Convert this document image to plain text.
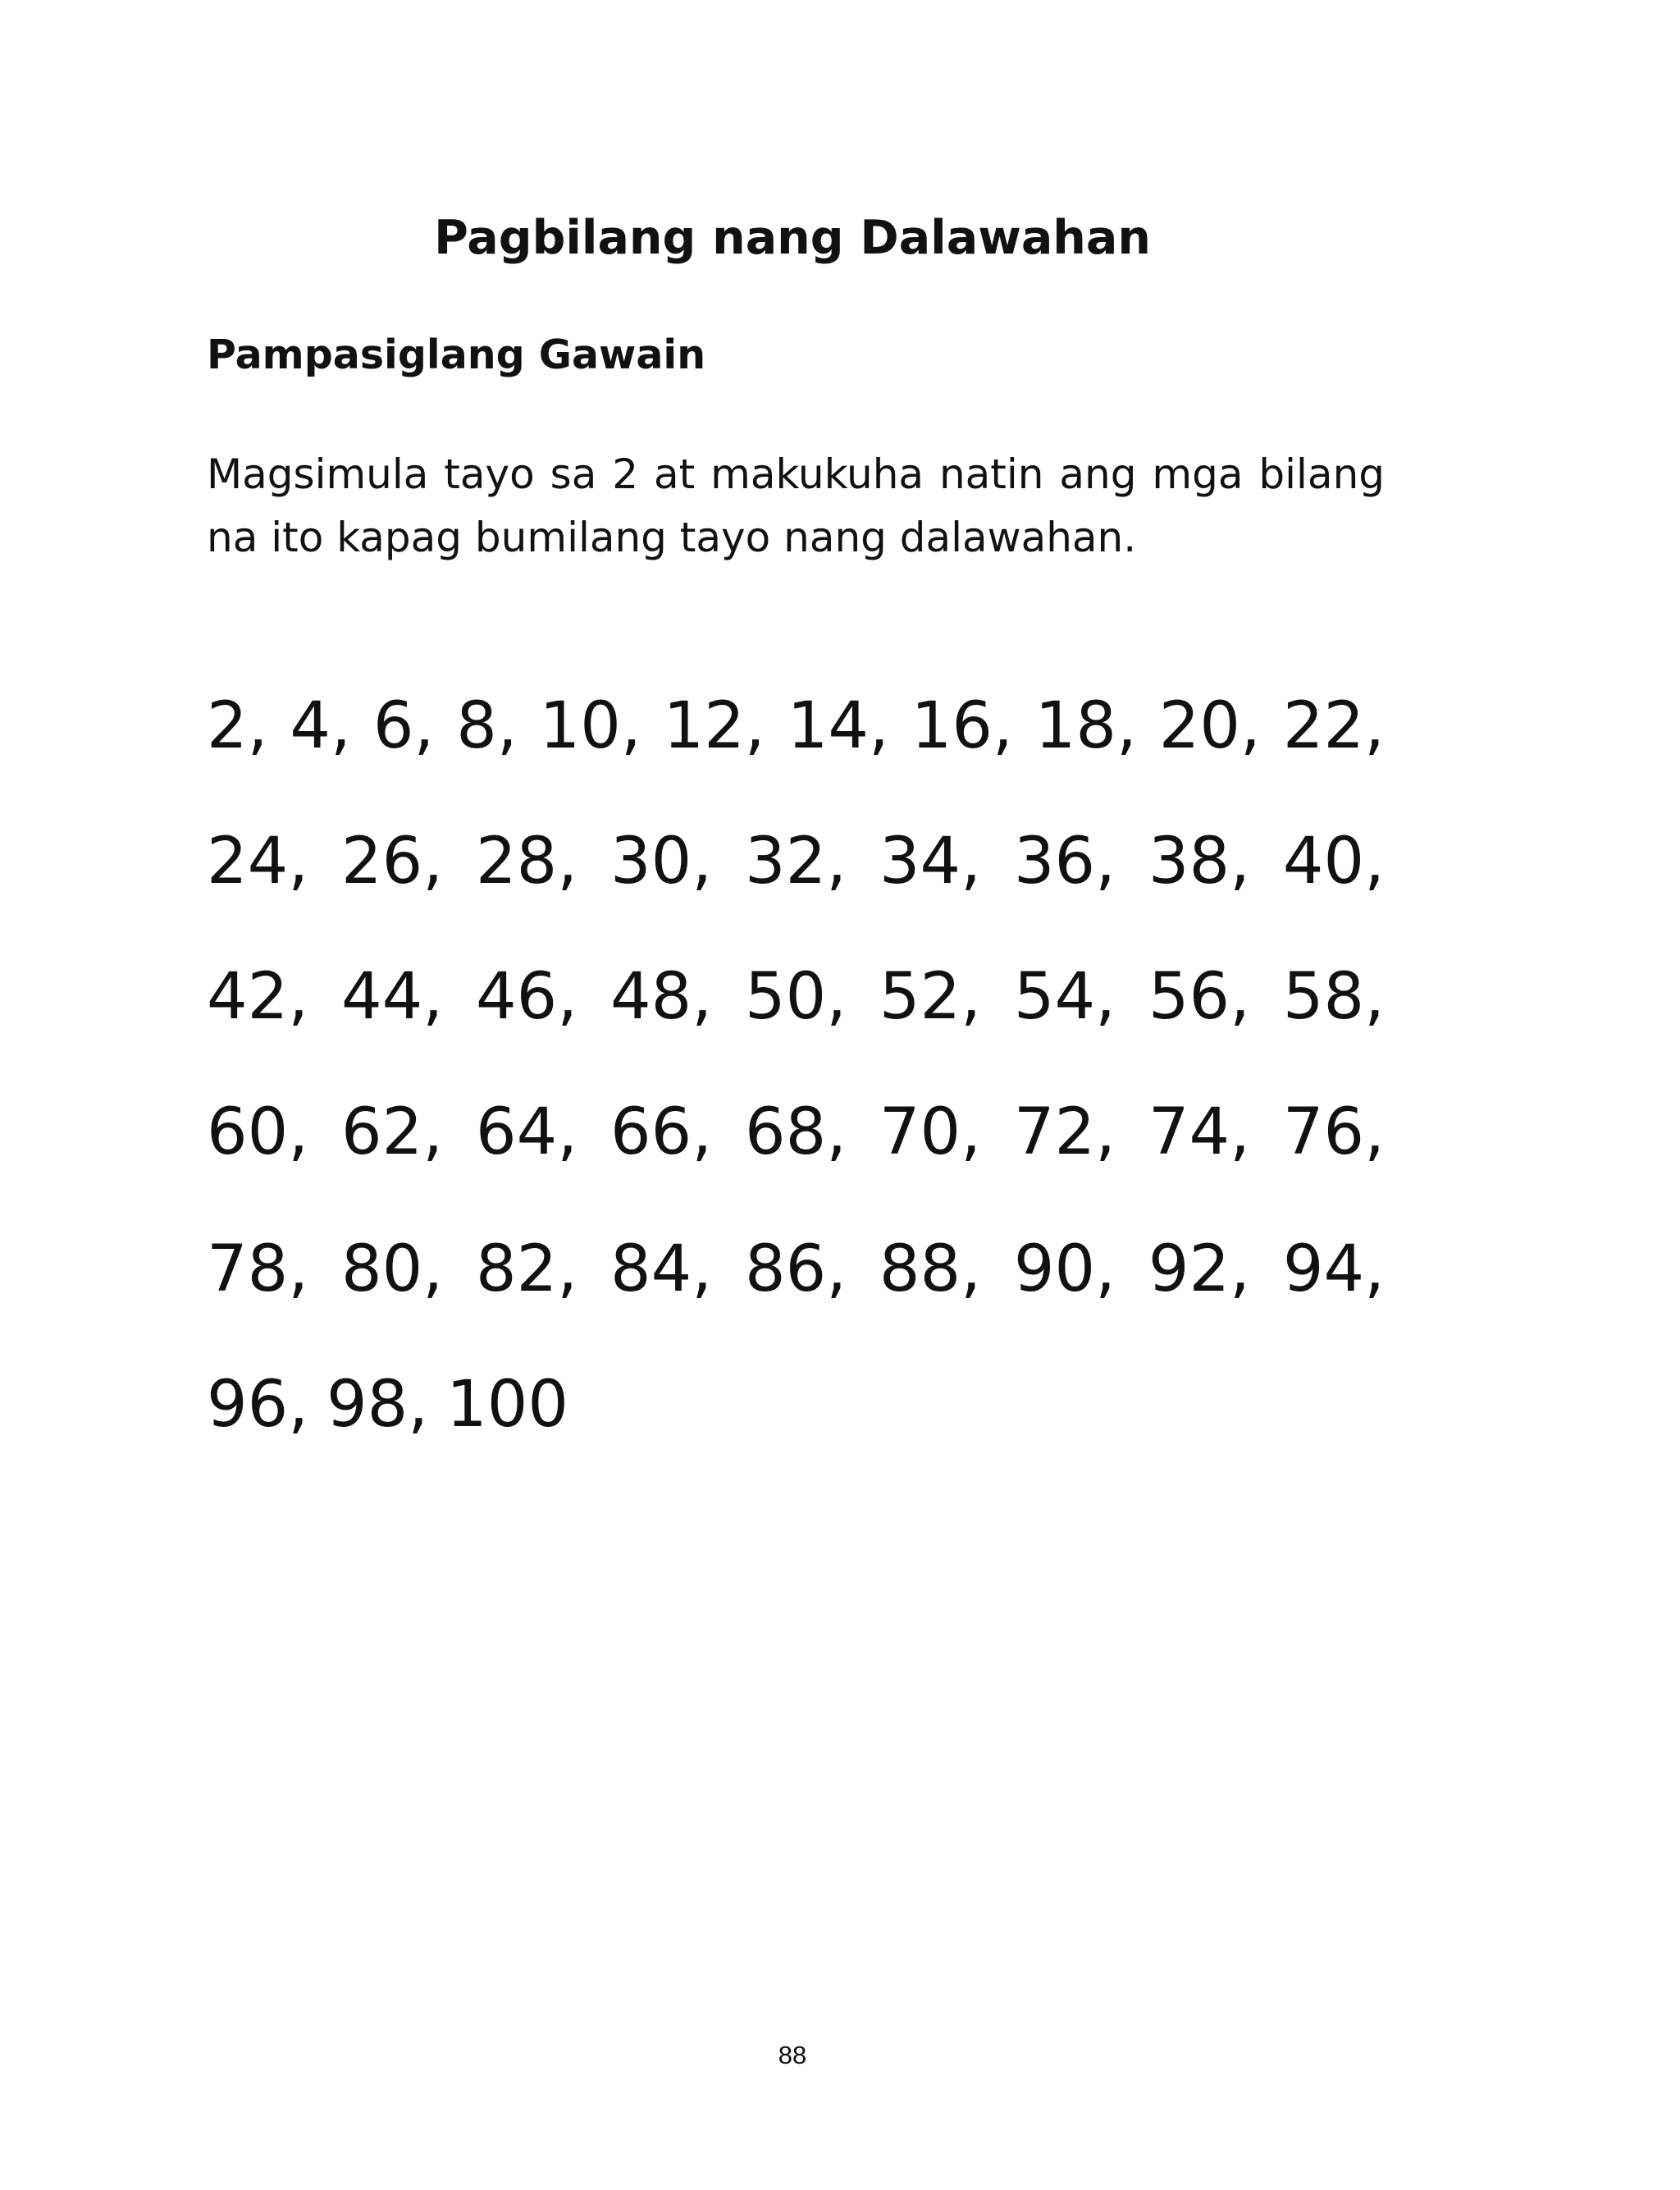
Pagbilang nang Dalawahan
Pampasiglang Gawain

Magsimula tayo sa 2 at makukuha natin ang mga bilang na ito kapag bumilang tayo nang dalawahan.

2, 4, 6, 8, 10, 12, 14, 16, 18, 20, 22,
24, 26, 28, 30, 32, 34, 36, 38, 40,
42, 44, 46, 48, 50, 52, 54, 56, 58,
60, 62, 64, 66, 68, 70, 72, 74, 76,
78, 80, 82, 84, 86, 88, 90, 92, 94,
96, 98, 100
88
